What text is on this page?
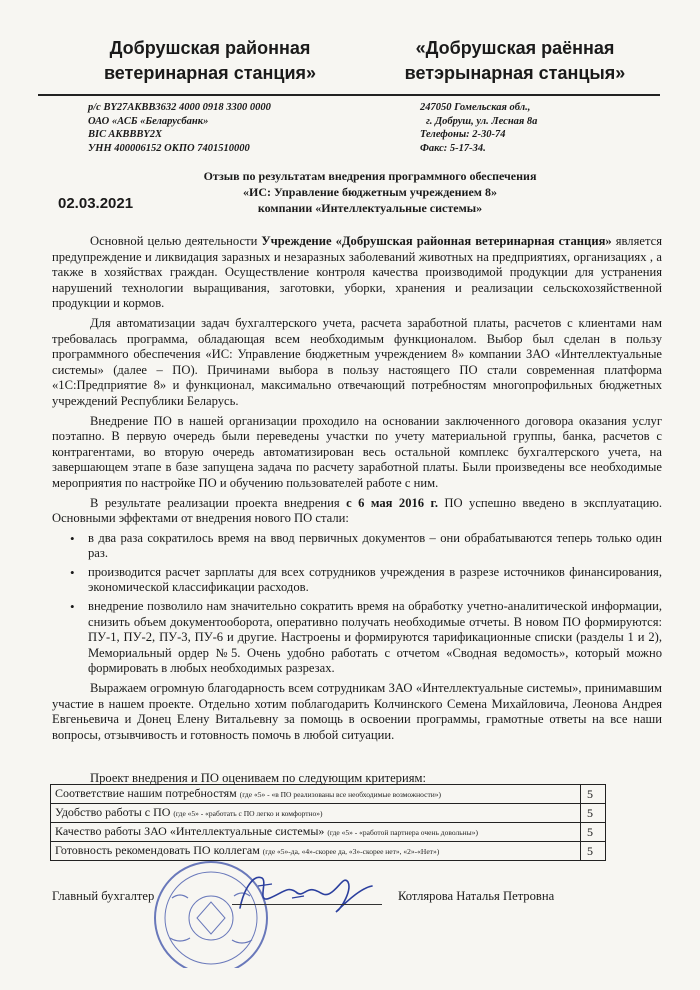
Добрушская районная
ветеринарная станция»
«Добрушская раённая
ветэрынарная станцыя»
р/с BY27AKBB3632 4000 0918 3300 0000
ОАО «АСБ «Беларусбанк»
BIC AKBBBY2X
УНН 400006152 ОКПО 7401510000
247050 Гомельская обл.,
г. Добруш, ул. Лесная 8а
Телефоны: 2-30-74
Факс: 5-17-34.
Отзыв по результатам внедрения программного обеспечения
«ИС: Управление бюджетным учреждением 8»
компании «Интеллектуальные системы»
02.03.2021

Основной целью деятельности Учреждение «Добрушская районная ветеринарная станция» является предупреждение и ликвидация заразных и незаразных заболеваний животных на предприятиях, организациях , а также в хозяйствах граждан. Осуществление контроля качества производимой продукции для устранения нарушений технологии выращивания, заготовки, уборки, хранения и реализации сельскохозяйственной продукции и кормов.

Для автоматизации задач бухгалтерского учета, расчета заработной платы, расчетов с клиентами нам требовалась программа, обладающая всем необходимым функционалом. Выбор был сделан в пользу программного обеспечения «ИС: Управление бюджетным учреждением 8» компании ЗАО «Интеллектуальные системы» (далее – ПО). Причинами выбора в пользу настоящего ПО стали современная платформа «1С:Предприятие 8» и функционал, максимально отвечающий потребностям многопрофильных бюджетных учреждений Республики Беларусь.

Внедрение ПО в нашей организации проходило на основании заключенного договора оказания услуг поэтапно. В первую очередь были переведены участки по учету материальной группы, банка, расчетов с контрагентами, во вторую очередь автоматизирован весь остальной комплекс бухгалтерского учета, на завершающем этапе в базе запущена задача по расчету заработной платы. Были произведены все необходимые мероприятия по настройке ПО и обучению пользователей работе с ним.

В результате реализации проекта внедрения с 6 мая 2016 г. ПО успешно введено в эксплуатацию. Основными эффектами от внедрения нового ПО стали:

• в два раза сократилось время на ввод первичных документов – они обрабатываются теперь только один раз.
• производится расчет зарплаты для всех сотрудников учреждения в разрезе источников финансирования, экономической классификации расходов.
• внедрение позволило нам значительно сократить время на обработку учетно-аналитической информации, снизить объем документооборота, оперативно получать необходимые отчеты. В новом ПО формируются: ПУ-1, ПУ-2, ПУ-3, ПУ-6 и другие. Настроены и формируются тарификационные списки (разделы 1 и 2), Мемориальный ордер №5. Очень удобно работать с отчетом «Сводная ведомость», который можно формировать в любых необходимых разрезах.

Выражаем огромную благодарность всем сотрудникам ЗАО «Интеллектуальные системы», принимавшим участие в нашем проекте. Отдельно хотим поблагодарить Колчинского Семена Михайловича, Леонова Андрея Евгеньевича и Донец Елену Витальевну за помощь в освоении программы, грамотные ответы на все наши вопросы, отзывчивость и готовность помочь в любой ситуации.

Проект внедрения и ПО оцениваем по следующим критериям:
Соответствие нашим потребностям (где «5» - «в ПО реализованы все необходимые возможности»)	5
Удобство работы с ПО (где «5» - «работать с ПО легко и комфортно»)	5
Качество работы ЗАО «Интеллектуальные системы» (где «5» - «работой партнера очень довольны»)	5
Готовность рекомендовать ПО коллегам (где «5»-да, «4»-скорее да, «3»-скорее нет», «2»-«Нет»)	5
Главный бухгалтер	Котлярова Наталья Петровна
